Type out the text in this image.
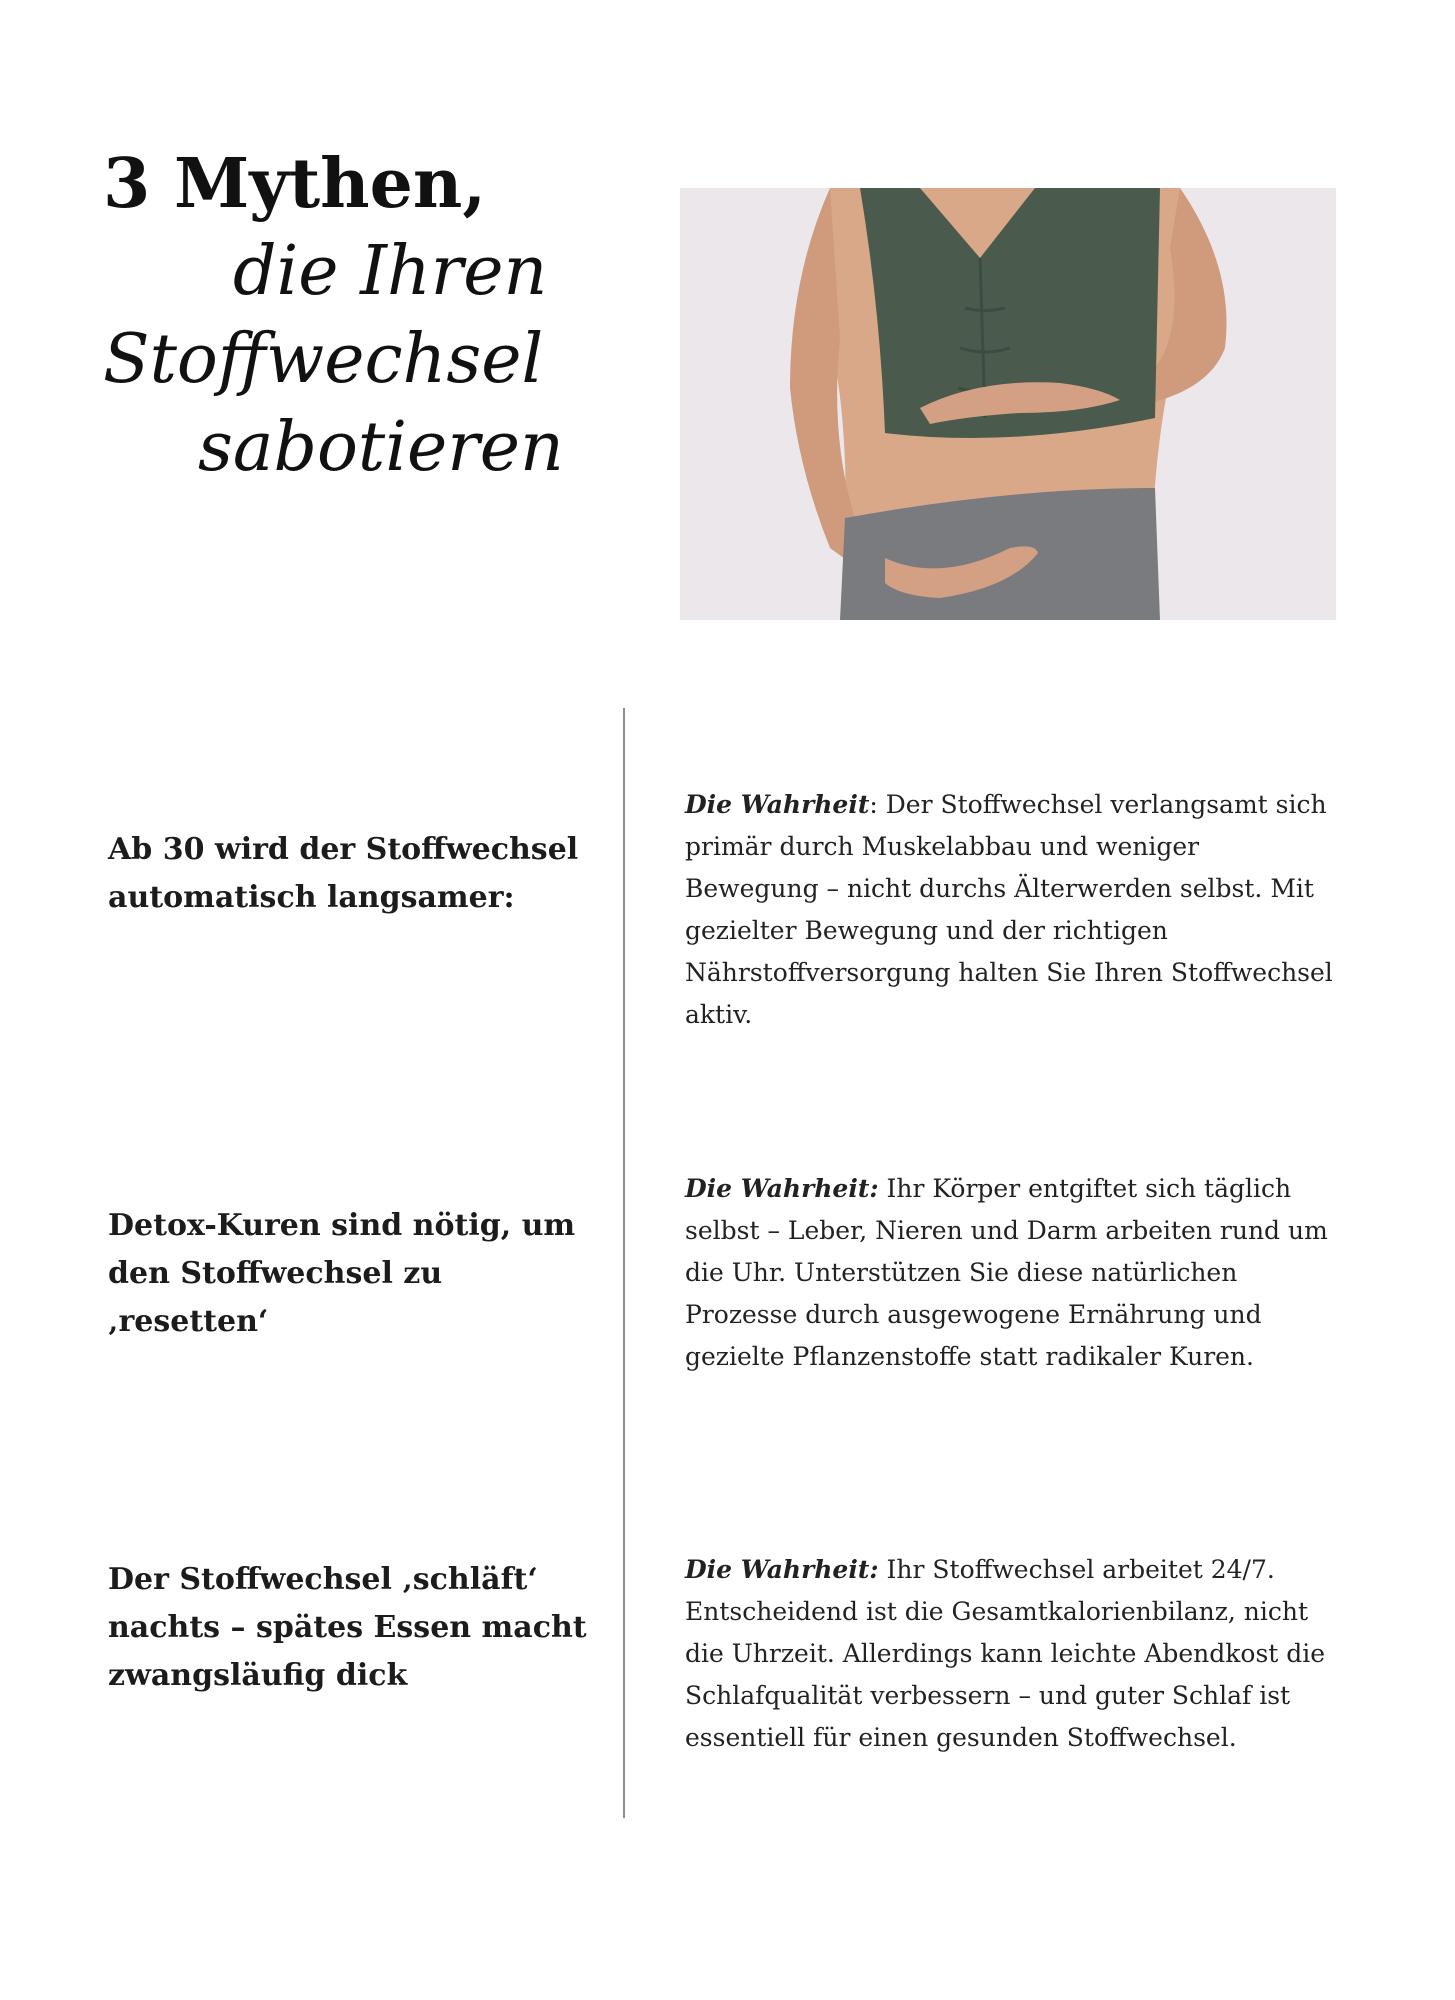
3 Mythen,
die Ihren
Stoffwechsel
sabotieren

Ab 30 wird der Stoffwechsel automatisch langsamer:

Die Wahrheit: Der Stoffwechsel verlangsamt sich primär durch Muskelabbau und weniger Bewegung – nicht durchs Älterwerden selbst. Mit gezielter Bewegung und der richtigen Nährstoffversorgung halten Sie Ihren Stoffwechsel aktiv.

Detox-Kuren sind nötig, um den Stoffwechsel zu ‚resetten‘

Die Wahrheit: Ihr Körper entgiftet sich täglich selbst – Leber, Nieren und Darm arbeiten rund um die Uhr. Unterstützen Sie diese natürlichen Prozesse durch ausgewogene Ernährung und gezielte Pflanzenstoffe statt radikaler Kuren.

Der Stoffwechsel ‚schläft‘ nachts – spätes Essen macht zwangsläufig dick

Die Wahrheit: Ihr Stoffwechsel arbeitet 24/7. Entscheidend ist die Gesamtkalorienbilanz, nicht die Uhrzeit. Allerdings kann leichte Abendkost die Schlafqualität verbessern – und guter Schlaf ist essentiell für einen gesunden Stoffwechsel.
